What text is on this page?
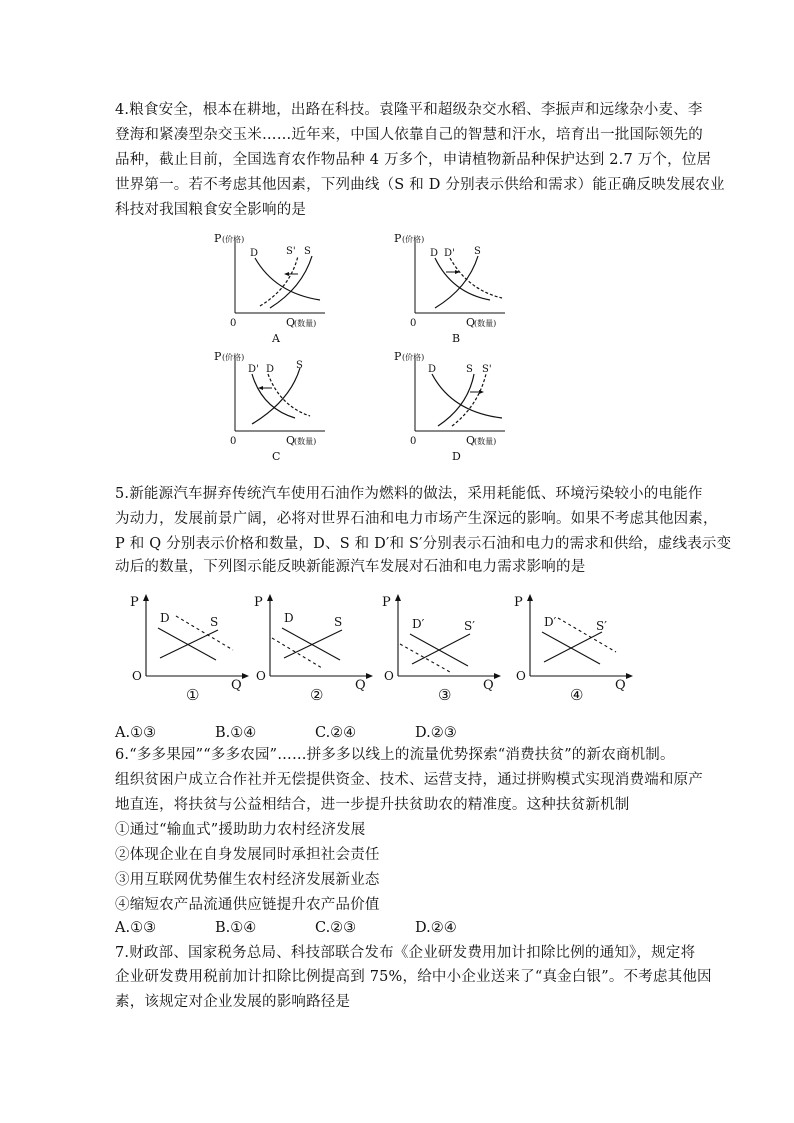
4.粮食安全，根本在耕地，出路在科技。袁隆平和超级杂交水稻、李振声和远缘杂小麦、李
登海和紧凑型杂交玉米……近年来，中国人依靠自己的智慧和汗水，培育出一批国际领先的
品种，截止目前，全国选育农作物品种 4 万多个，申请植物新品种保护达到 2.7 万个，位居
世界第一。若不考虑其他因素，下列曲线（S 和 D 分别表示供给和需求）能正确反映发展农业
科技对我国粮食安全影响的是
P (价格)
0	Q
(数量)
D	S' S
A
P (价格)
0	Q
(数量)
D D' S
B
P (价格)
0	Q
(数量)
D' D S
C
P (价格)
0	Q
(数量)
D	S S'
D
5.新能源汽车摒弃传统汽车使用石油作为燃料的做法，采用耗能低、环境污染较小的电能作
为动力，发展前景广阔，必将对世界石油和电力市场产生深远的影响。如果不考虑其他因素，
P 和 Q 分别表示价格和数量，D、S 和 D′和 S′分别表示石油和电力的需求和供给，虚线表示变
动后的数量，下列图示能反映新能源汽车发展对石油和电力需求影响的是
P
O
Q
D	S
①
P
O
Q
D	S
②
P
O
Q
D′	S′
③
P
O
Q
D′	S′
④
A.①③	B.①④	C.②④	D.②③
6.“多多果园”“多多农园”……拼多多以线上的流量优势探索“消费扶贫”的新农商机制。
组织贫困户成立合作社并无偿提供资金、技术、运营支持，通过拼购模式实现消费端和原产
地直连，将扶贫与公益相结合，进一步提升扶贫助农的精准度。这种扶贫新机制
①通过“输血式”援助助力农村经济发展
②体现企业在自身发展同时承担社会责任
③用互联网优势催生农村经济发展新业态
④缩短农产品流通供应链提升农产品价值
A.①③	B.①④	C.②③	D.②④
7.财政部、国家税务总局、科技部联合发布《企业研发费用加计扣除比例的通知》，规定将
企业研发费用税前加计扣除比例提高到 75%，给中小企业送来了“真金白银”。不考虑其他因
素，该规定对企业发展的影响路径是
